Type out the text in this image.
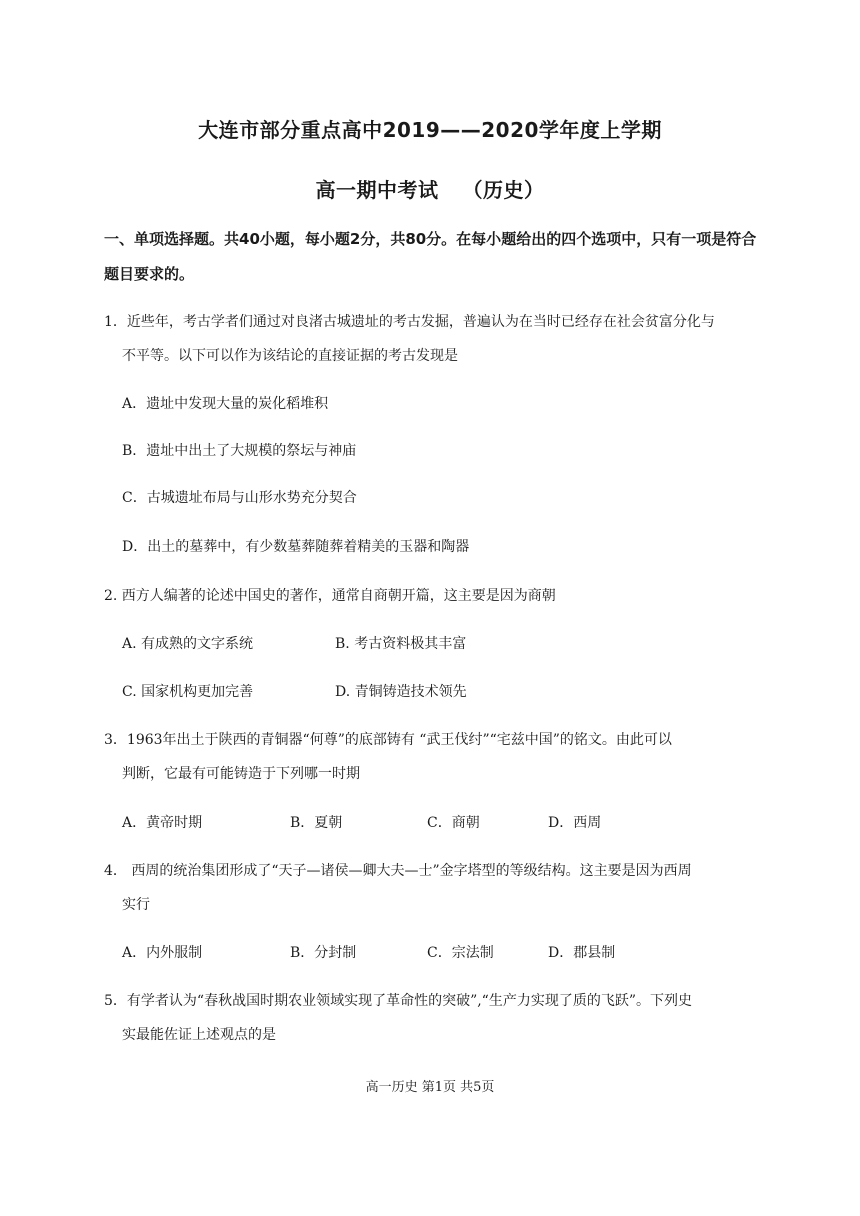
大连市部分重点高中2019——2020学年度上学期
高一期中考试 （历史）
一、单项选择题。共40小题，每小题2分，共80分。在每小题给出的四个选项中，只有一项是符合题目要求的。
1．近些年，考古学者们通过对良渚古城遗址的考古发掘，普遍认为在当时已经存在社会贫富分化与
不平等。以下可以作为该结论的直接证据的考古发现是
A．遗址中发现大量的炭化稻堆积
B．遗址中出土了大规模的祭坛与神庙
C．古城遗址布局与山形水势充分契合
D．出土的墓葬中，有少数墓葬随葬着精美的玉器和陶器
2. 西方人编著的论述中国史的著作，通常自商朝开篇，这主要是因为商朝
A. 有成熟的文字系统	B. 考古资料极其丰富
C. 国家机构更加完善	D. 青铜铸造技术领先
3．1963年出土于陕西的青铜器“何尊”的底部铸有 “武王伐纣”“宅兹中国”的铭文。由此可以
判断，它最有可能铸造于下列哪一时期
A．黄帝时期	B．夏朝	C．商朝	D．西周
4． 西周的统治集团形成了“天子—诸侯—卿大夫—士”金字塔型的等级结构。这主要是因为西周
实行
A．内外服制	B．分封制	C．宗法制	D．郡县制
5．有学者认为“春秋战国时期农业领域实现了革命性的突破”,“生产力实现了质的飞跃”。下列史
实最能佐证上述观点的是
高一历史 第1页 共5页
